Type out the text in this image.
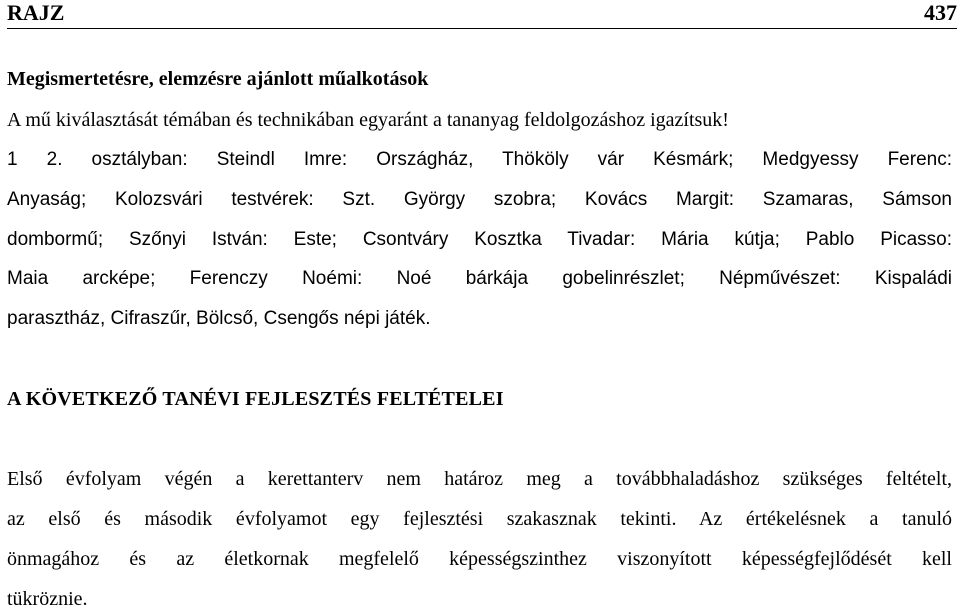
RAJZ	437
Megismertetésre, elemzésre ajánlott műalkotások
A mű kiválasztását témában és technikában egyaránt a tananyag feldolgozáshoz igazítsuk!
1 2. osztályban: Steindl Imre: Országház, Thököly vár Késmárk; Medgyessy Ferenc:
Anyaság; Kolozsvári testvérek: Szt. György szobra; Kovács Margit: Szamaras, Sámson
dombormű; Szőnyi István: Este; Csontváry Kosztka Tivadar: Mária kútja; Pablo Picasso:
Maia arcképe; Ferenczy Noémi: Noé bárkája gobelinrészlet; Népművészet: Kispaládi
parasztház, Cifraszűr, Bölcső, Csengős népi játék.
A KÖVETKEZŐ TANÉVI FEJLESZTÉS FELTÉTELEI
Első évfolyam végén a kerettanterv nem határoz meg a továbbhaladáshoz szükséges feltételt,
az első és második évfolyamot egy fejlesztési szakasznak tekinti. Az értékelésnek a tanuló
önmagához és az életkornak megfelelő képességszinthez viszonyított képességfejlődését kell
tükröznie.
